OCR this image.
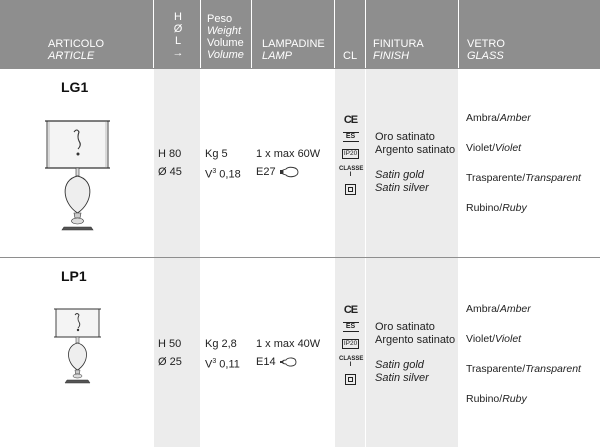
ARTICOLO
ARTICLE
H
Ø
L
→
Peso
Weight
Volume
Volume
LAMPADINE
LAMP	CL
FINITURA
FINISH
VETRO
GLASS
LG1
H 80
Ø 45
Kg 5
$V^3$ 0,18
1 x max 60W
E27
CE
ES
IP20
CLASSE I
Oro satinato
Argento satinato
Satin gold
Satin silver
Ambra/Amber
Violet/Violet
Trasparente/Transparent
Rubino/Ruby
LP1
H 50
Ø 25
Kg 2,8
$V^3$ 0,11
1 x max 40W
E14
CE
ES
IP20
CLASSE I
Oro satinato
Argento satinato
Satin gold
Satin silver
Ambra/Amber
Violet/Violet
Trasparente/Transparent
Rubino/Ruby
